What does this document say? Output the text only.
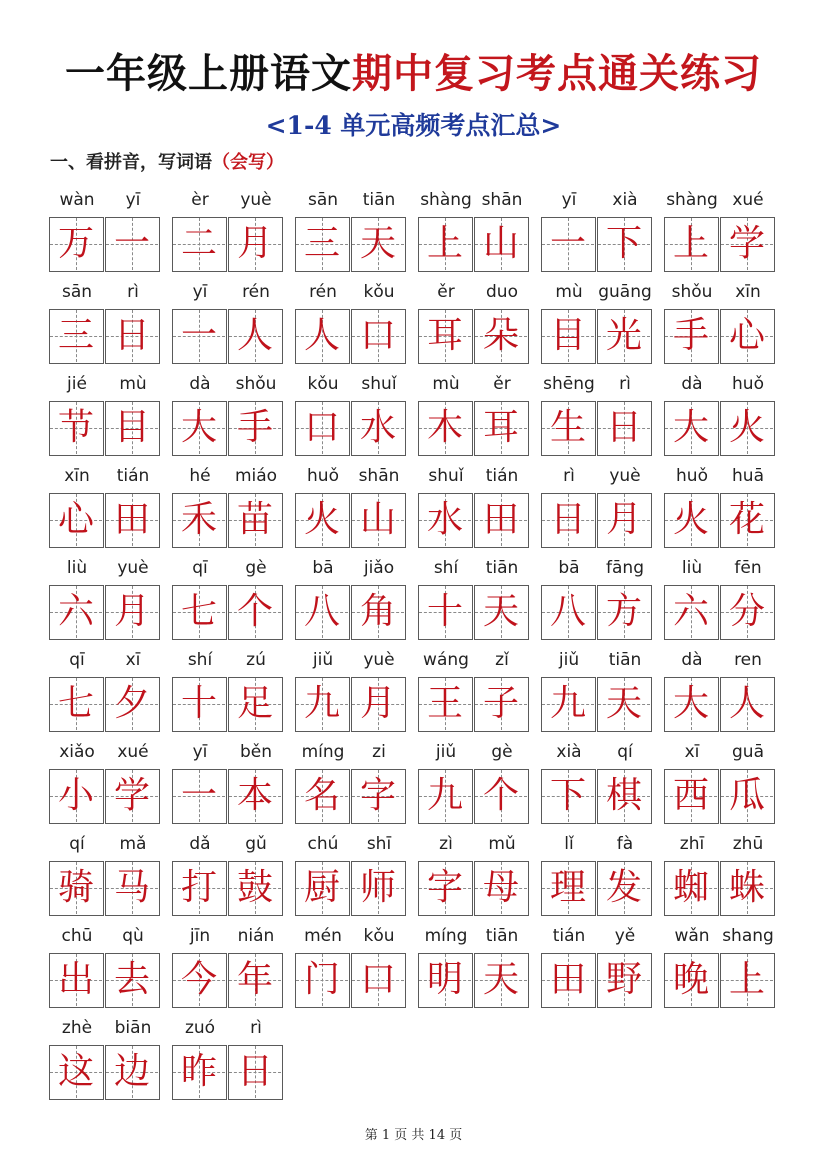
一年级上册语文期中复习考点通关练习
<1-4 单元高频考点汇总>
一、看拼音，写词语（会写）
wàn	yī
万 一
èr	yuè
二 月
sān	tiān
三 天
shàng shān
上 山
yī	xià
一 下
shàng xué
上 学
sān	rì
三 日
yī	rén
一 人
rén	kǒu
人 口
ěr	duo
耳 朵
mù guāng
目 光
shǒu	xīn
手 心
jié	mù
节 目
dà	shǒu
大 手
kǒu	shuǐ
口 水
mù	ěr
木 耳
shēng	rì
生 日
dà	huǒ
大 火
xīn	tián
心 田
hé	miáo
禾 苗
huǒ	shān
火 山
shuǐ	tián
水 田
rì	yuè
日 月
huǒ	huā
火 花
liù	yuè
六 月
qī	gè
七 个
bā	jiǎo
八 角
shí	tiān
十 天
bā	fāng
八 方
liù	fēn
六 分
qī	xī
七 夕
shí	zú
十 足
jiǔ	yuè
九 月
wáng	zǐ
王 子
jiǔ	tiān
九 天
dà	ren
大 人
xiǎo	xué
小 学
yī	běn
一 本
míng	zi
名 字
jiǔ	gè
九 个
xià	qí
下 棋
xī	guā
西 瓜
qí	mǎ
骑 马
dǎ	gǔ
打 鼓
chú	shī
厨 师
zì	mǔ
字 母
lǐ	fà
理 发
zhī	zhū
蜘 蛛
chū	qù
出 去
jīn	nián
今 年
mén	kǒu
门 口
míng	tiān
明 天
tián	yě
田 野
wǎn shang
晚 上
zhè	biān
这 边
zuó	rì
昨 日
第 1 页 共 14 页
